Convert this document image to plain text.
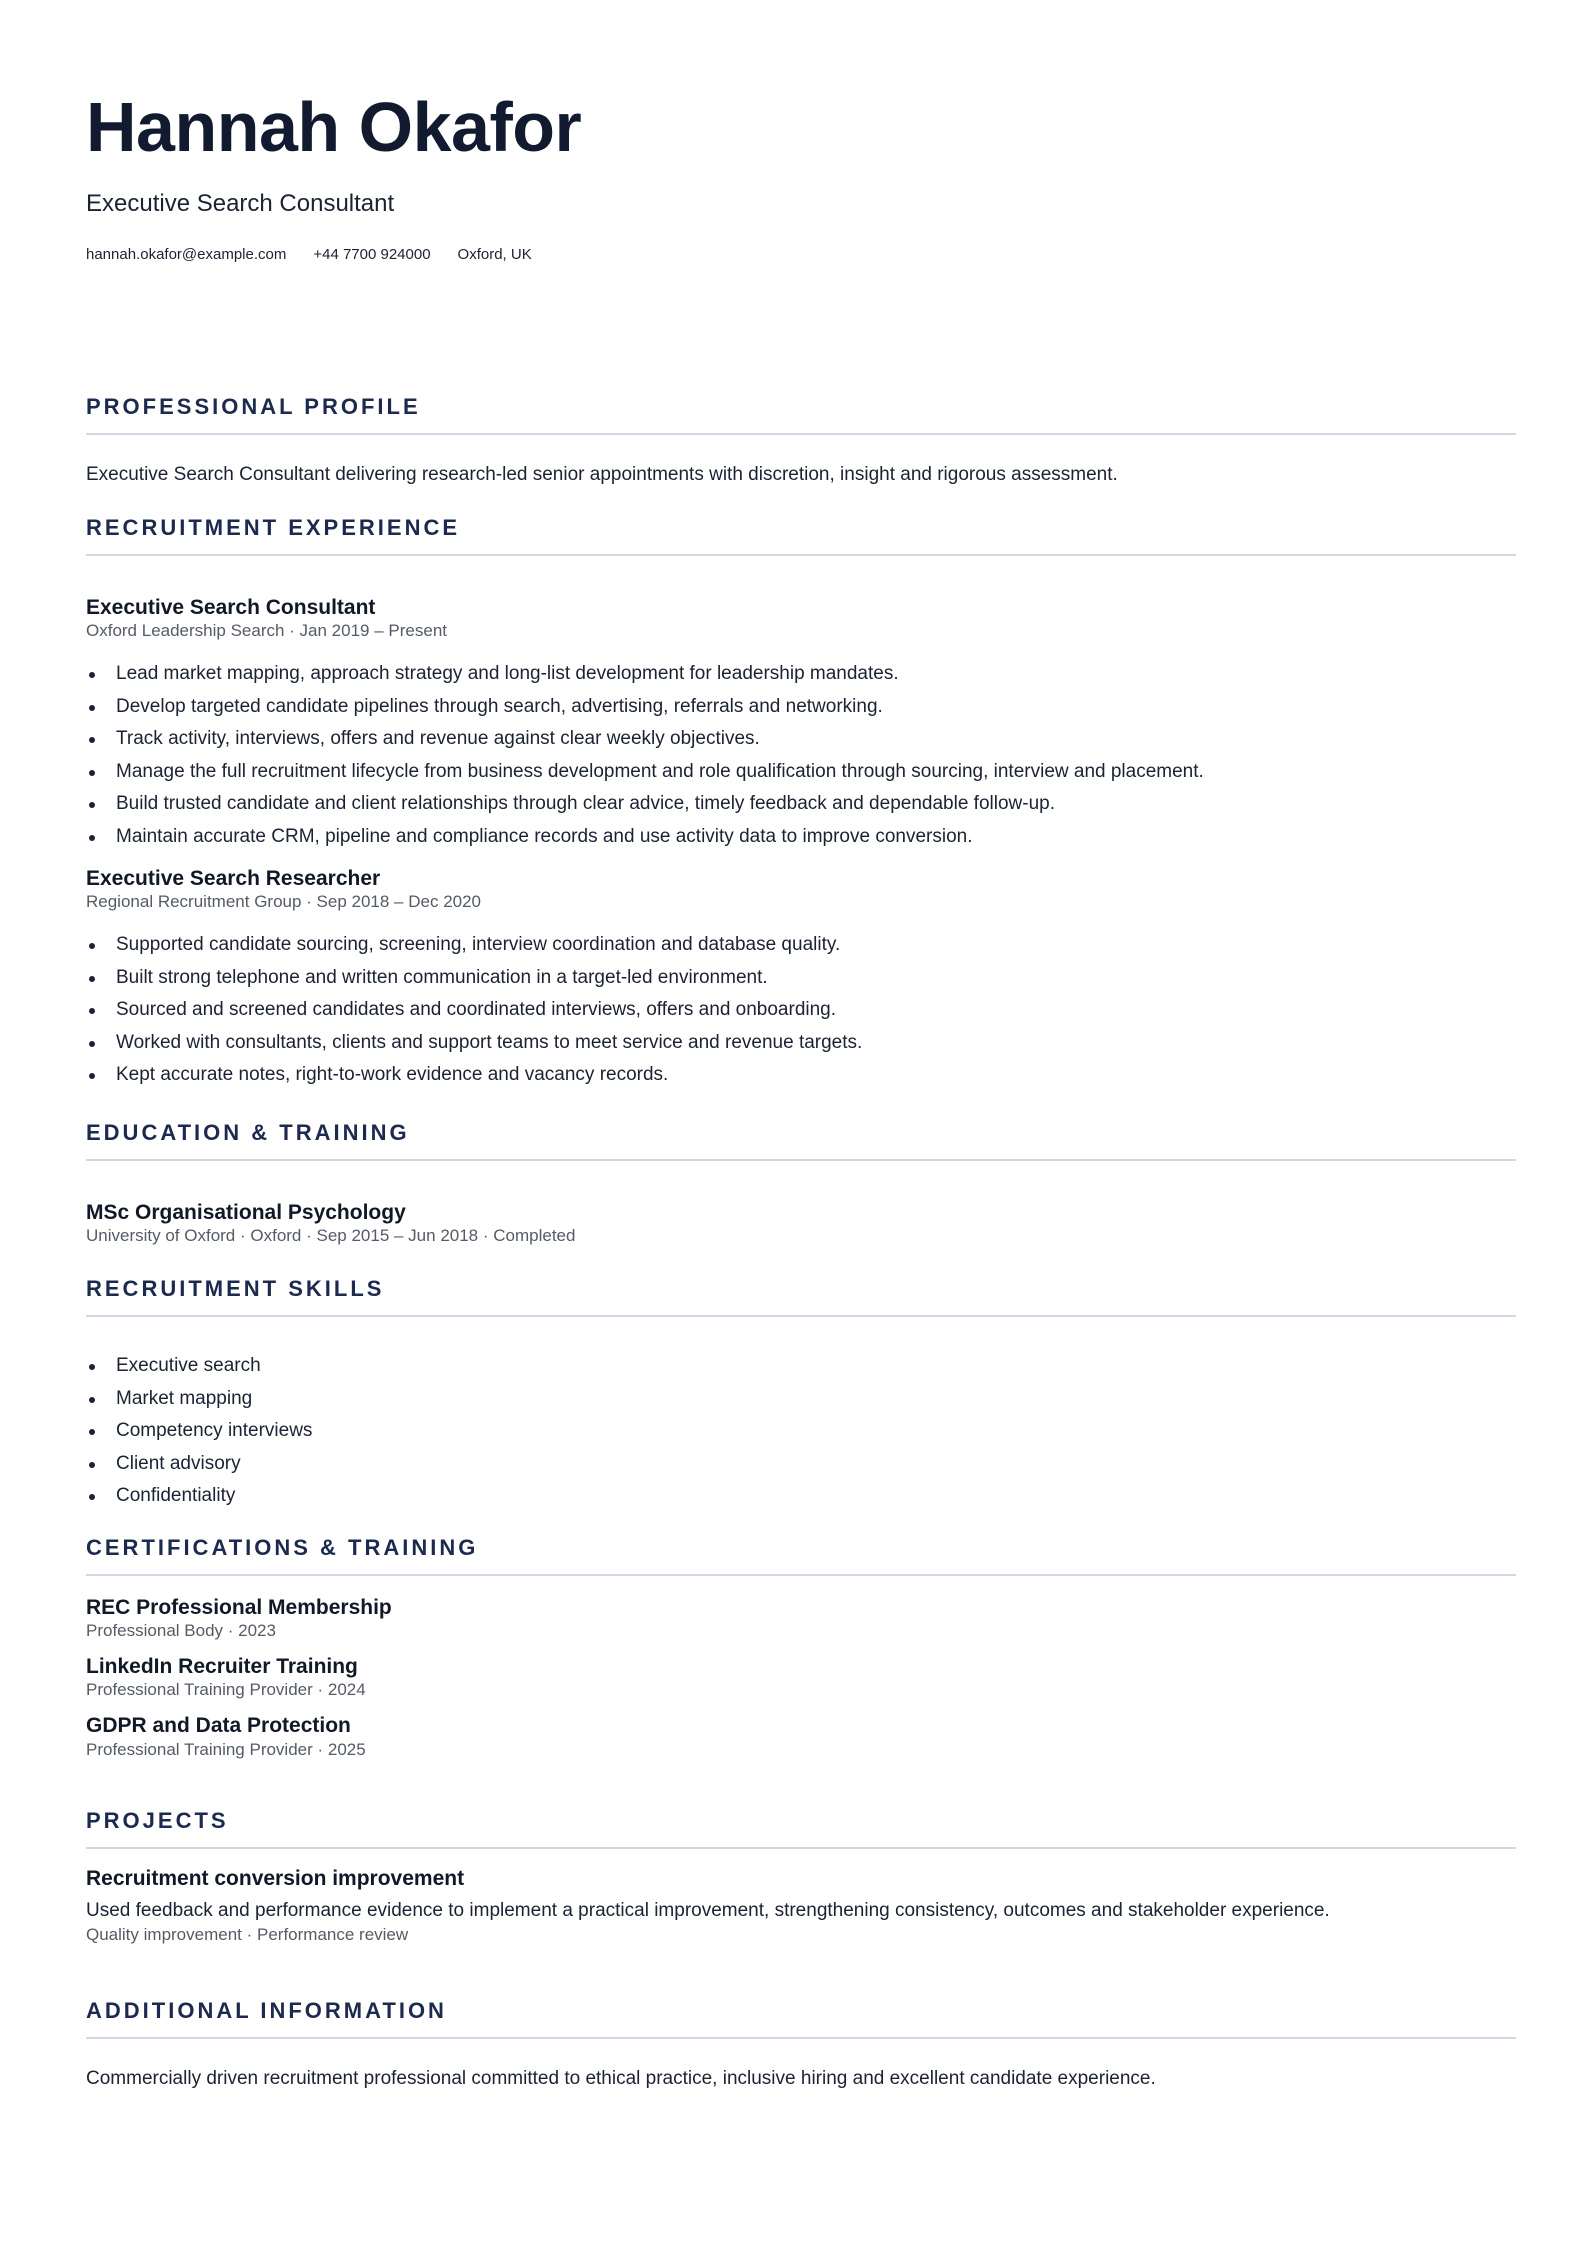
Hannah Okafor
Executive Search Consultant
hannah.okafor@example.com +44 7700 924000 Oxford, UK
PROFESSIONAL PROFILE
Executive Search Consultant delivering research-led senior appointments with discretion, insight and rigorous assessment.
RECRUITMENT EXPERIENCE
Executive Search Consultant
Oxford Leadership Search · Jan 2019 – Present
Lead market mapping, approach strategy and long-list development for leadership mandates.
Develop targeted candidate pipelines through search, advertising, referrals and networking.
Track activity, interviews, offers and revenue against clear weekly objectives.
Manage the full recruitment lifecycle from business development and role qualification through sourcing, interview and placement.
Build trusted candidate and client relationships through clear advice, timely feedback and dependable follow-up.
Maintain accurate CRM, pipeline and compliance records and use activity data to improve conversion.
Executive Search Researcher
Regional Recruitment Group · Sep 2018 – Dec 2020
Supported candidate sourcing, screening, interview coordination and database quality.
Built strong telephone and written communication in a target-led environment.
Sourced and screened candidates and coordinated interviews, offers and onboarding.
Worked with consultants, clients and support teams to meet service and revenue targets.
Kept accurate notes, right-to-work evidence and vacancy records.
EDUCATION & TRAINING
MSc Organisational Psychology
University of Oxford · Oxford · Sep 2015 – Jun 2018 · Completed
RECRUITMENT SKILLS
Executive search
Market mapping
Competency interviews
Client advisory
Confidentiality
CERTIFICATIONS & TRAINING
REC Professional Membership
Professional Body · 2023
LinkedIn Recruiter Training
Professional Training Provider · 2024
GDPR and Data Protection
Professional Training Provider · 2025
PROJECTS
Recruitment conversion improvement
Used feedback and performance evidence to implement a practical improvement, strengthening consistency, outcomes and stakeholder experience.
Quality improvement · Performance review
ADDITIONAL INFORMATION
Commercially driven recruitment professional committed to ethical practice, inclusive hiring and excellent candidate experience.
